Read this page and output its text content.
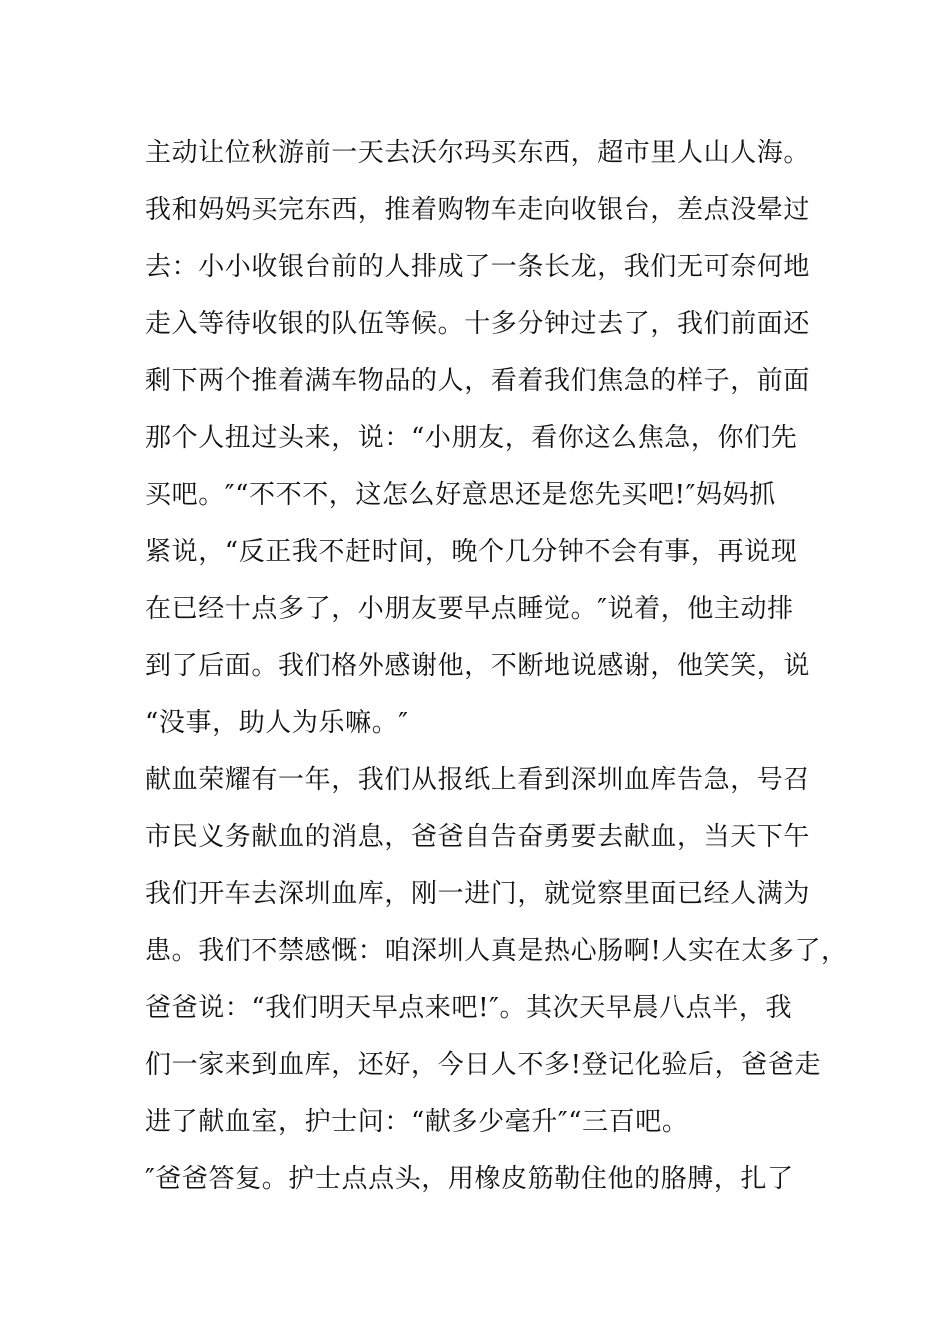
主动让位秋游前一天去沃尔玛买东西，超市里人山人海。
我和妈妈买完东西，推着购物车走向收银台，差点没晕过
去：小小收银台前的人排成了一条长龙，我们无可奈何地
走入等待收银的队伍等候。十多分钟过去了，我们前面还
剩下两个推着满车物品的人，看着我们焦急的样子，前面
那个人扭过头来，说：“小朋友，看你这么焦急，你们先
买吧。″“不不不，这怎么好意思还是您先买吧!″妈妈抓
紧说，“反正我不赶时间，晚个几分钟不会有事，再说现
在已经十点多了，小朋友要早点睡觉。″说着，他主动排
到了后面。我们格外感谢他，不断地说感谢，他笑笑，说
“没事，助人为乐嘛。″
献血荣耀有一年，我们从报纸上看到深圳血库告急，号召
市民义务献血的消息，爸爸自告奋勇要去献血，当天下午
我们开车去深圳血库，刚一进门，就觉察里面已经人满为
患。我们不禁感慨：咱深圳人真是热心肠啊!人实在太多了，
爸爸说：“我们明天早点来吧!″。其次天早晨八点半，我
们一家来到血库，还好，今日人不多!登记化验后，爸爸走
进了献血室，护士问：“献多少毫升″“三百吧。
″爸爸答复。护士点点头，用橡皮筋勒住他的胳膊，扎了
